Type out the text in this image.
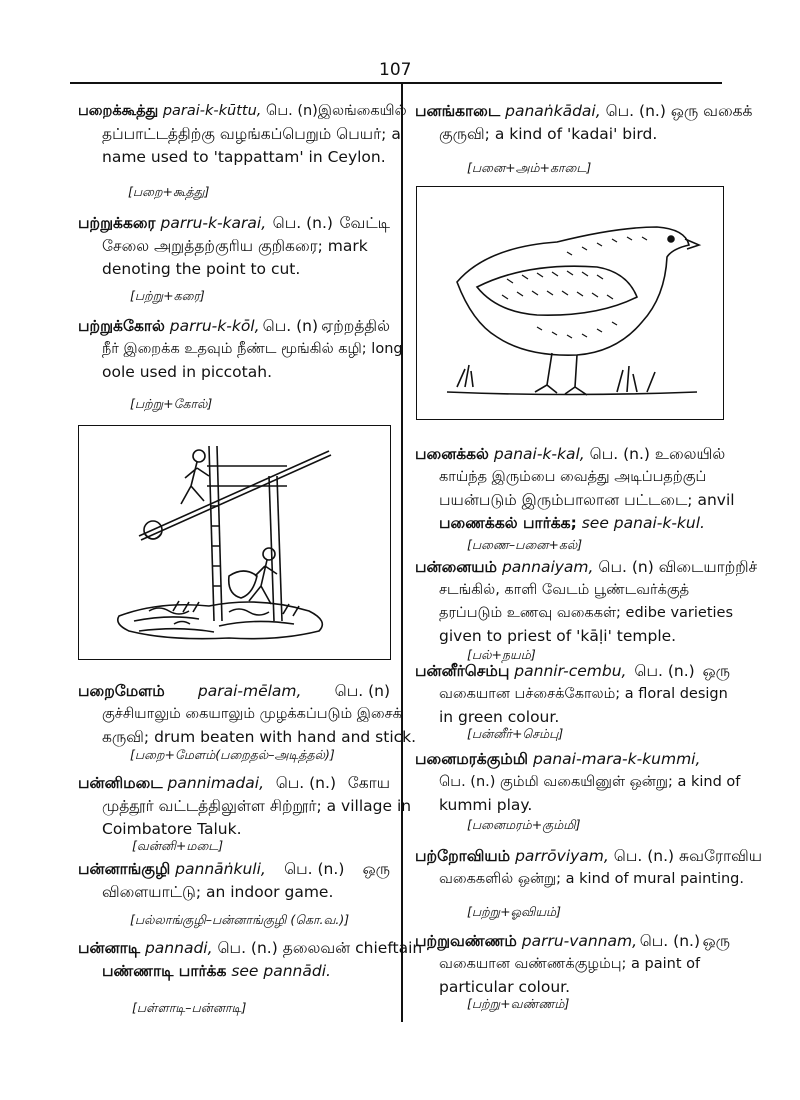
107
பறைக்கூத்து parai-k-kūttu, பெ. (n)இலங்கையில்
தப்பாட்டத்திற்கு வழங்கப்பெறும் பெயர்; a
name used to 'tappattam' in Ceylon.
[பறை+கூத்து]
பற்றுக்கரை parru-k-karai, பெ. (n.) வேட்டி
சேலை அறுத்தற்குரிய குறிகரை; mark
denoting the point to cut.
[பற்று+கரை]
பற்றுக்கோல் parru-k-kōl, பெ. (n) ஏற்றத்தில்
நீர் இறைக்க உதவும் நீண்ட மூங்கில் கழி; long
oole used in piccotah.
[பற்று+கோல்]
பறைமேளம் parai-mēlam, பெ. (n)
குச்சியாலும் கையாலும் முழக்கப்படும் இசைக்
கருவி; drum beaten with hand and stick.
[பறை+மேளம்(பறைதல்–அடித்தல்)]
பன்னிமடை pannimadai, பெ. (n.) கோய
முத்தூர் வட்டத்திலுள்ள சிற்றூர்; a village in
Coimbatore Taluk.
[வன்னி+மடை]
பன்னாங்குழி pannāṅkuli, பெ. (n.) ஒரு
விளையாட்டு; an indoor game.
[பல்லாங்குழி–பன்னாங்குழி (கொ.வ.)]
பன்னாடி pannadi, பெ. (n.) தலைவன் chieftain
பண்ணாடி பார்க்க see pannādi.
[பள்ளாடி–பன்னாடி]
பனங்காடை panaṅkādai, பெ. (n.) ஒரு வகைக்
குருவி; a kind of 'kadai' bird.
[பனை+அம்+காடை]
பனைக்கல் panai-k-kal, பெ. (n.) உலையில்
காய்ந்த இரும்பை வைத்து அடிப்பதற்குப்
பயன்படும் இரும்பாலான பட்டடை; anvil
பணைக்கல் பார்க்க; see panai-k-kul.
[பணை–பனை+கல்]
பன்னையம் pannaiyam, பெ. (n) விடையாற்றிச்
சடங்கில், காளி வேடம் பூண்டவர்க்குத்
தரப்படும் உணவு வகைகள்; edibe varieties
given to priest of 'kāḷi' temple.
[பல்+நயம்]
பன்னீர்செம்பு pannir-cembu, பெ. (n.) ஒரு
வகையான பச்சைக்கோலம்; a floral design
in green colour.
[பன்னீர்+செம்பு]
பனைமரக்கும்மி panai-mara-k-kummi,
பெ. (n.) கும்மி வகையினுள் ஒன்று; a kind of
kummi play.
[பனைமரம்+கும்மி]
பற்றோவியம் parrōviyam, பெ. (n.) சுவரோவிய
வகைகளில் ஒன்று; a kind of mural painting.
[பற்று+ஓவியம்]
பற்றுவண்ணம் parru-vannam, பெ. (n.) ஒரு
வகையான வண்ணக்குழம்பு; a paint of
particular colour.
[பற்று+வண்ணம்]
